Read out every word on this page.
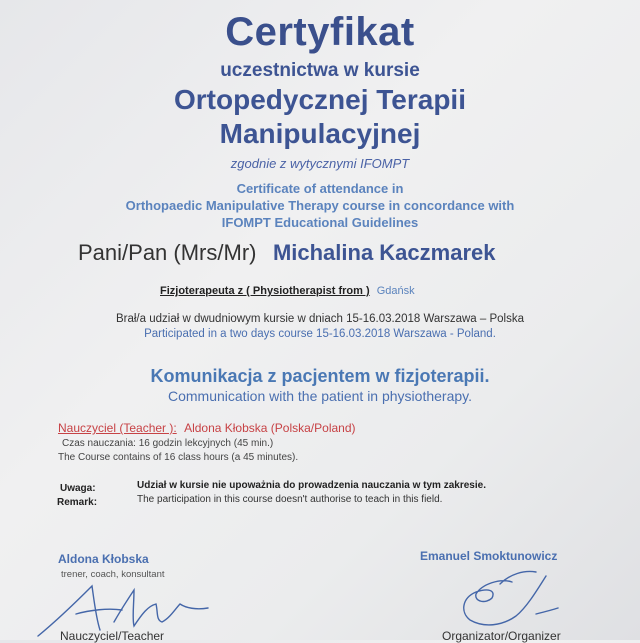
Certyfikat
uczestnictwa w kursie
Ortopedycznej Terapii
Manipulacyjnej
zgodnie z wytycznymi IFOMPT
Certificate of attendance in
Orthopaedic Manipulative Therapy course in concordance with
IFOMPT Educational Guidelines
Pani/Pan (Mrs/Mr) Michalina Kaczmarek
Fizjoterapeuta z ( Physiotherapist from ) Gdańsk
Brał/a udział w dwudniowym kursie w dniach 15-16.03.2018 Warszawa – Polska
Participated in a two days course 15-16.03.2018 Warszawa - Poland.
Komunikacja z pacjentem w fizjoterapii.
Communication with the patient in physiotherapy.
Nauczyciel (Teacher ): Aldona Kłobska (Polska/Poland)
Czas nauczania: 16 godzin lekcyjnych (45 min.)
The Course contains of 16 class hours (a 45 minutes).
Uwaga:
Remark:
Udział w kursie nie upoważnia do prowadzenia nauczania w tym zakresie.
The participation in this course doesn't authorise to teach in this field.
Aldona Kłobska
trener, coach, konsultant
Nauczyciel/Teacher
Emanuel Smoktunowicz
Organizator/Organizer
